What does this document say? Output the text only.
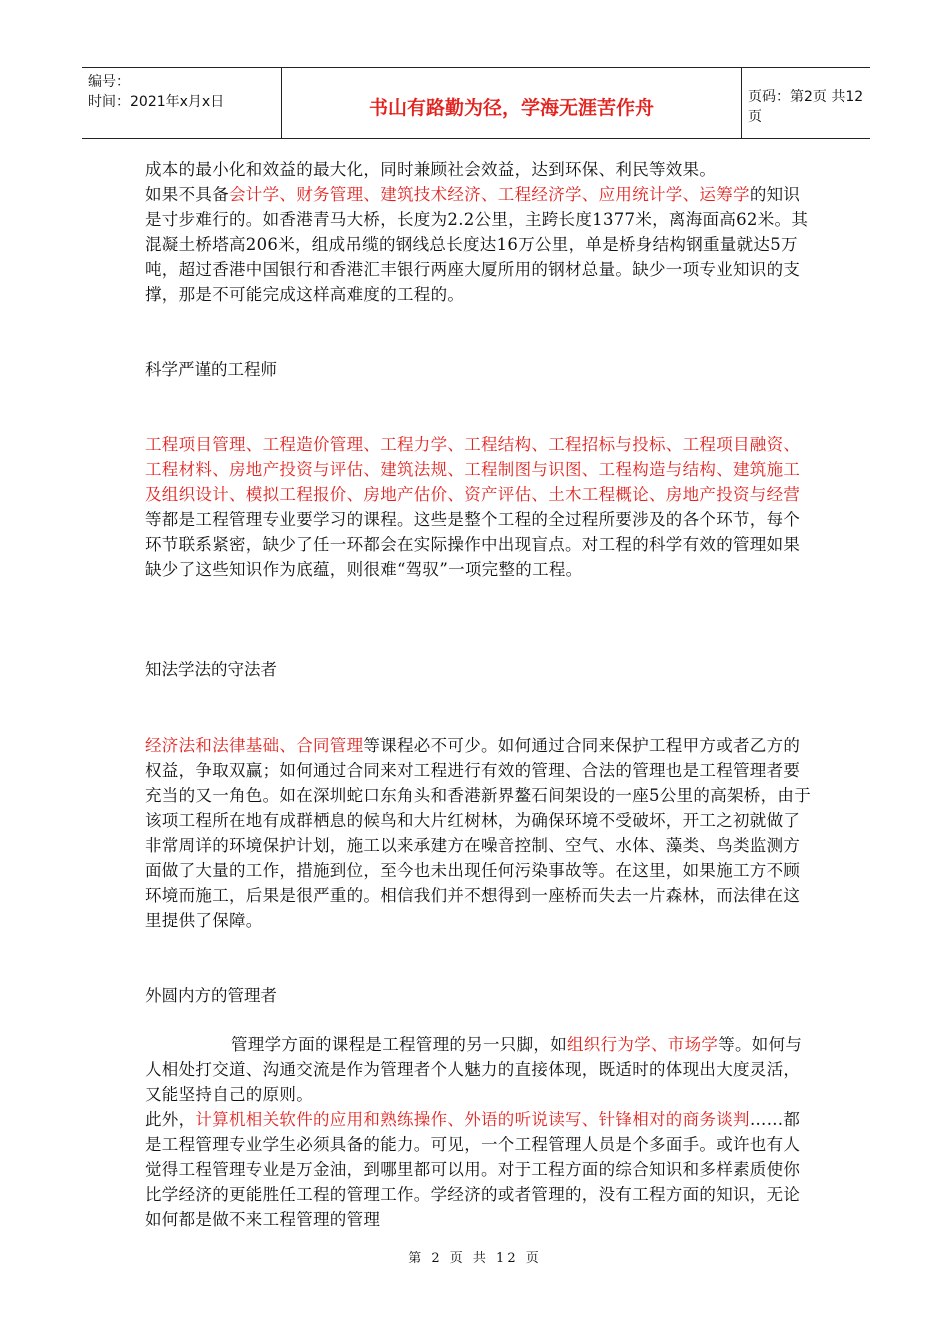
编号：
时间：2021年x月x日	书山有路勤为径，学海无涯苦作舟	页码：第2页 共12页
成本的最小化和效益的最大化，同时兼顾社会效益，达到环保、利民等效果。
如果不具备会计学、财务管理、建筑技术经济、工程经济学、应用统计学、运筹学的知识是寸步难行的。如香港青马大桥，长度为2.2公里，主跨长度1377米，离海面高62米。其混凝土桥塔高206米，组成吊缆的钢线总长度达16万公里，单是桥身结构钢重量就达5万吨，超过香港中国银行和香港汇丰银行两座大厦所用的钢材总量。缺少一项专业知识的支撑，那是不可能完成这样高难度的工程的。
科学严谨的工程师
工程项目管理、工程造价管理、工程力学、工程结构、工程招标与投标、工程项目融资、工程材料、房地产投资与评估、建筑法规、工程制图与识图、工程构造与结构、建筑施工及组织设计、模拟工程报价、房地产估价、资产评估、土木工程概论、房地产投资与经营等都是工程管理专业要学习的课程。这些是整个工程的全过程所要涉及的各个环节，每个环节联系紧密，缺少了任一环都会在实际操作中出现盲点。对工程的科学有效的管理如果缺少了这些知识作为底蕴，则很难“驾驭”一项完整的工程。
知法学法的守法者
经济法和法律基础、合同管理等课程必不可少。如何通过合同来保护工程甲方或者乙方的权益，争取双赢；如何通过合同来对工程进行有效的管理、合法的管理也是工程管理者要充当的又一角色。如在深圳蛇口东角头和香港新界鳌石间架设的一座5公里的高架桥，由于该项工程所在地有成群栖息的候鸟和大片红树林，为确保环境不受破坏，开工之初就做了非常周详的环境保护计划，施工以来承建方在噪音控制、空气、水体、藻类、鸟类监测方面做了大量的工作，措施到位，至今也未出现任何污染事故等。在这里，如果施工方不顾环境而施工，后果是很严重的。相信我们并不想得到一座桥而失去一片森林，而法律在这里提供了保障。
外圆内方的管理者
管理学方面的课程是工程管理的另一只脚，如组织行为学、市场学等。如何与人相处打交道、沟通交流是作为管理者个人魅力的直接体现，既适时的体现出大度灵活，又能坚持自己的原则。
此外，计算机相关软件的应用和熟练操作、外语的听说读写、针锋相对的商务谈判……都是工程管理专业学生必须具备的能力。可见，一个工程管理人员是个多面手。或许也有人觉得工程管理专业是万金油，到哪里都可以用。对于工程方面的综合知识和多样素质使你比学经济的更能胜任工程的管理工作。学经济的或者管理的，没有工程方面的知识，无论如何都是做不来工程管理的管理
第 2 页 共 12 页
